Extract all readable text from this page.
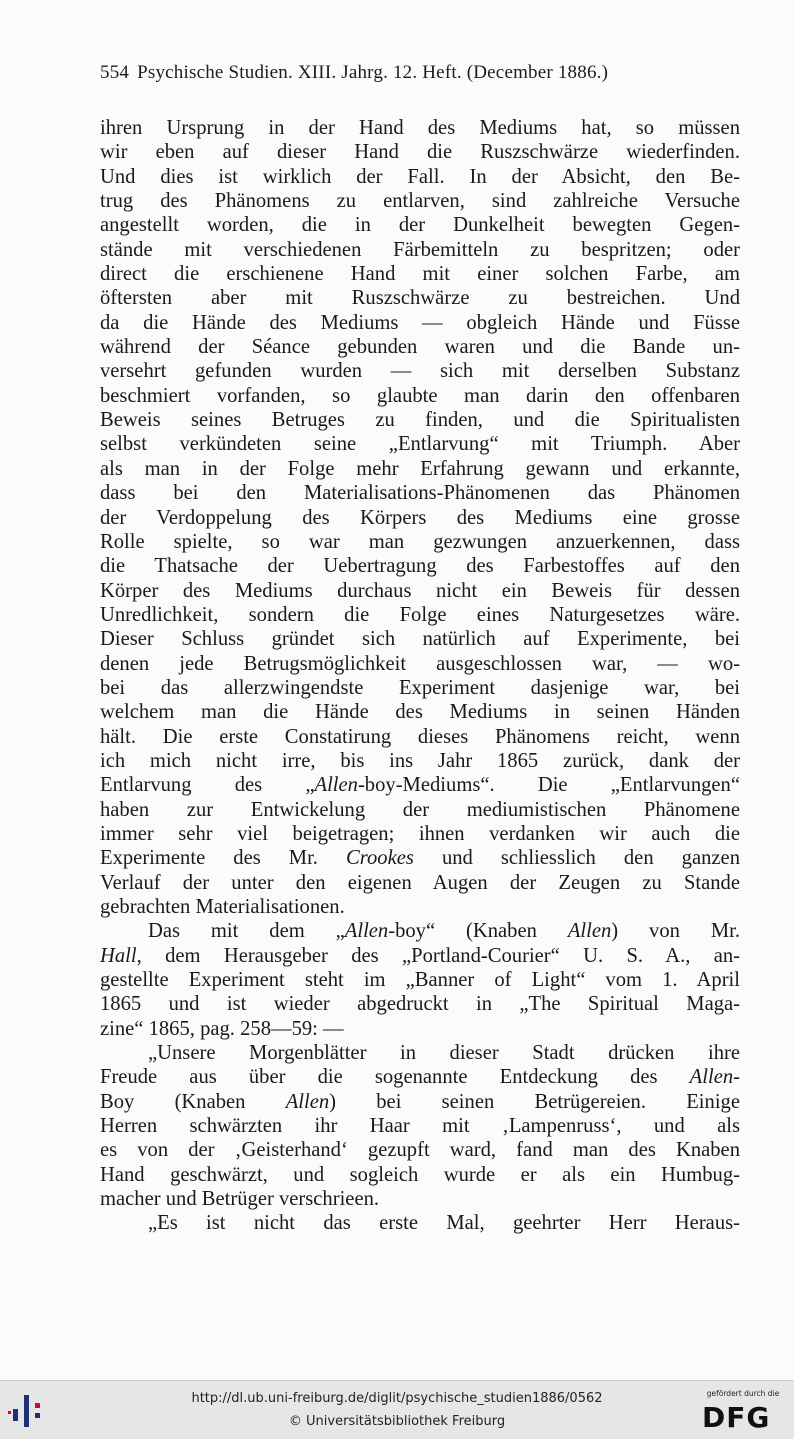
554 Psychische Studien. XIII. Jahrg. 12. Heft. (December 1886.)
ihren Ursprung in der Hand des Mediums hat, so müssen
wir eben auf dieser Hand die Ruszschwärze wiederfinden.
Und dies ist wirklich der Fall. In der Absicht, den Be-
trug des Phänomens zu entlarven, sind zahlreiche Versuche
angestellt worden, die in der Dunkelheit bewegten Gegen-
stände mit verschiedenen Färbemitteln zu bespritzen; oder
direct die erschienene Hand mit einer solchen Farbe, am
öftersten aber mit Ruszschwärze zu bestreichen. Und
da die Hände des Mediums — obgleich Hände und Füsse
während der Séance gebunden waren und die Bande un-
versehrt gefunden wurden — sich mit derselben Substanz
beschmiert vorfanden, so glaubte man darin den offenbaren
Beweis seines Betruges zu finden, und die Spiritualisten
selbst verkündeten seine „Entlarvung“ mit Triumph. Aber
als man in der Folge mehr Erfahrung gewann und erkannte,
dass bei den Materialisations-Phänomenen das Phänomen
der Verdoppelung des Körpers des Mediums eine grosse
Rolle spielte, so war man gezwungen anzuerkennen, dass
die Thatsache der Uebertragung des Farbestoffes auf den
Körper des Mediums durchaus nicht ein Beweis für dessen
Unredlichkeit, sondern die Folge eines Naturgesetzes wäre.
Dieser Schluss gründet sich natürlich auf Experimente, bei
denen jede Betrugsmöglichkeit ausgeschlossen war, — wo-
bei das allerzwingendste Experiment dasjenige war, bei
welchem man die Hände des Mediums in seinen Händen
hält. Die erste Constatirung dieses Phänomens reicht, wenn
ich mich nicht irre, bis ins Jahr 1865 zurück, dank der
Entlarvung des „Allen-boy-Mediums“. Die „Entlarvungen“
haben zur Entwickelung der mediumistischen Phänomene
immer sehr viel beigetragen; ihnen verdanken wir auch die
Experimente des Mr. Crookes und schliesslich den ganzen
Verlauf der unter den eigenen Augen der Zeugen zu Stande
gebrachten Materialisationen.
Das mit dem „Allen-boy“ (Knaben Allen) von Mr.
Hall, dem Herausgeber des „Portland-Courier“ U. S. A., an-
gestellte Experiment steht im „Banner of Light“ vom 1. April
1865 und ist wieder abgedruckt in „The Spiritual Maga-
zine“ 1865, pag. 258—59: —
„Unsere Morgenblätter in dieser Stadt drücken ihre
Freude aus über die sogenannte Entdeckung des Allen-
Boy (Knaben Allen) bei seinen Betrügereien. Einige
Herren schwärzten ihr Haar mit ‚Lampenruss‘, und als
es von der ‚Geisterhand‘ gezupft ward, fand man des Knaben
Hand geschwärzt, und sogleich wurde er als ein Humbug-
macher und Betrüger verschrieen.
„Es ist nicht das erste Mal, geehrter Herr Heraus-
http://dl.ub.uni-freiburg.de/diglit/psychische_studien1886/0562
© Universitätsbibliothek Freiburg
gefördert durch die
DFG
